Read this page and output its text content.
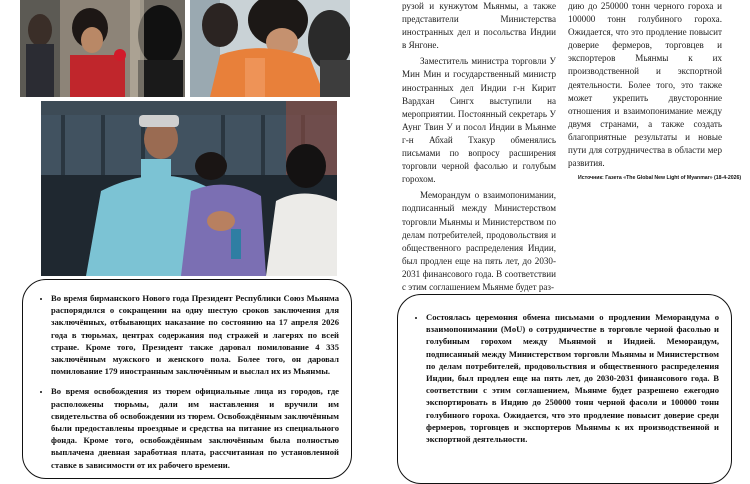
рузой и кунжутом Мьянмы, а также представители Министерства иностранных дел и посольства Индии в Янгоне.

Заместитель министра торговли У Мин Мин и государственный министр иностранных дел Индии г-н Кирит Вардхан Сингх выступили на мероприятии. Постоянный секретарь У Аунг Твин У и посол Индии в Мьянме г-н Абхай Тхакур обменялись письмами по вопросу расширения торговли черной фасолью и голубым горохом.

Меморандум о взаимопонимании, подписанный между Министерством торговли Мьянмы и Министерством по делам потребителей, продовольствия и общественного распределения Индии, был продлен еще на пять лет, до 2030-2031 финансового года. В соответствии с этим соглашением Мьянме будет раз-

дию до 250000 тонн черного гороха и 100000 тонн голубиного гороха. Ожидается, что это продление повысит доверие фермеров, торговцев и экспортеров Мьянмы к их производственной и экспортной деятельности. Более того, это также может укрепить двусторонние отношения и взаимопонимание между двумя странами, а также создать благоприятные результаты и новые пути для сотрудничества в области мер развития.

Источник: Газета «The Global New Light of Myanmar» (18-4-2026)
• Во время бирманского Нового года Президент Республики Союз Мьянма распорядился о сокращении на одну шестую сроков заключения для заключённых, отбывающих наказание по состоянию на 17 апреля 2026 года в тюрьмах, центрах содержания под стражей и лагерях по всей стране. Кроме того, Президент также даровал помилование 4 335 заключённым мужского и женского пола. Более того, он даровал помилование 179 иностранным заключённым и выслал их из Мьянмы.
• Во время освобождения из тюрем официальные лица из городов, где расположены тюрьмы, дали им наставления и вручили им свидетельства об освобождении из тюрем. Освобождённым заключённым были предоставлены проездные и средства на питание из специального фонда. Кроме того, освобождённым заключённым была полностью выплачена дневная заработная плата, рассчитанная по установленной ставке в зависимости от их рабочего времени.
• Состоялась церемония обмена письмами о продлении Меморандума о взаимопонимании (MoU) о сотрудничестве в торговле черной фасолью и голубиным горохом между Мьянмой и Индией. Меморандум, подписанный между Министерством торговли Мьянмы и Министерством по делам потребителей, продовольствия и общественного распределения Индии, был продлен еще на пять лет, до 2030-2031 финансового года. В соответствии с этим соглашением, Мьянме будет разрешено ежегодно экспортировать в Индию до 250000 тонн черной фасоли и 100000 тонн голубиного гороха. Ожидается, что это продление повысит доверие среди фермеров, торговцев и экспортеров Мьянмы к их производственной и экспортной деятельности.
